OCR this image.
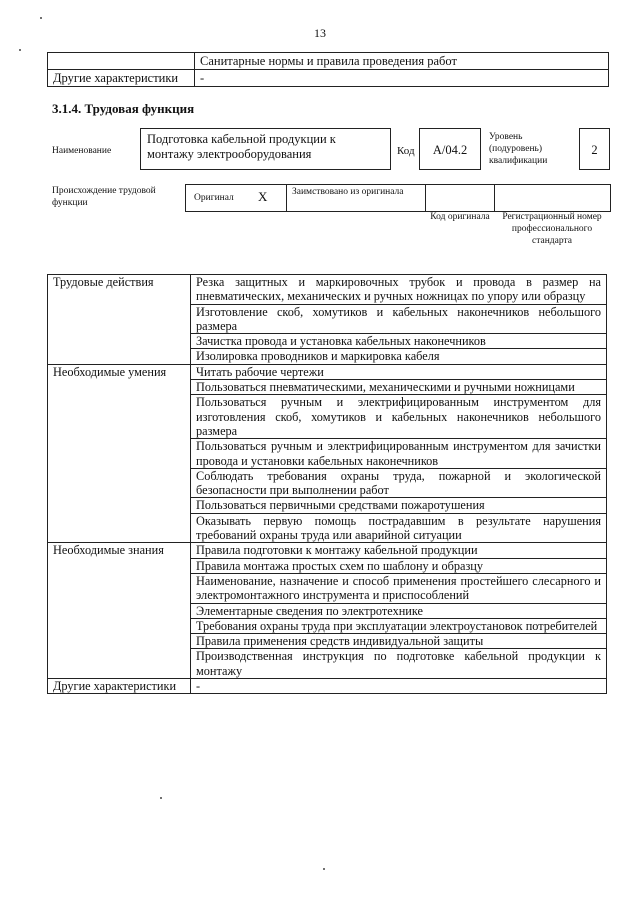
13
	Санитарные нормы и правила проведения работ
Другие характеристики	-
3.1.4. Трудовая функция
Наименование
Подготовка кабельной продукции к монтажу электрооборудования	Код	А/04.2
Уровень (подуровень) квалификации
2
Происхождение трудовой функции	Оригинал X	Заимствовано из оригинала
Код оригинала	Регистрационный номер профессионального стандарта
Трудовые действия	Резка защитных и маркировочных трубок и провода в размер на пневматических, механических и ручных ножницах по упору или образцу
	Изготовление скоб, хомутиков и кабельных наконечников небольшого размера
	Зачистка провода и установка кабельных наконечников
	Изолировка проводников и маркировка кабеля
Необходимые умения	Читать рабочие чертежи
	Пользоваться пневматическими, механическими и ручными ножницами
	Пользоваться ручным и электрифицированным инструментом для изготовления скоб, хомутиков и кабельных наконечников небольшого размера
	Пользоваться ручным и электрифицированным инструментом для зачистки провода и установки кабельных наконечников
	Соблюдать требования охраны труда, пожарной и экологической безопасности при выполнении работ
	Пользоваться первичными средствами пожаротушения
	Оказывать первую помощь пострадавшим в результате нарушения требований охраны труда или аварийной ситуации
Необходимые знания	Правила подготовки к монтажу кабельной продукции
	Правила монтажа простых схем по шаблону и образцу
	Наименование, назначение и способ применения простейшего слесарного и электромонтажного инструмента и приспособлений
	Элементарные сведения по электротехнике
	Требования охраны труда при эксплуатации электроустановок потребителей
	Правила применения средств индивидуальной защиты
	Производственная инструкция по подготовке кабельной продукции к монтажу
Другие характеристики	-
